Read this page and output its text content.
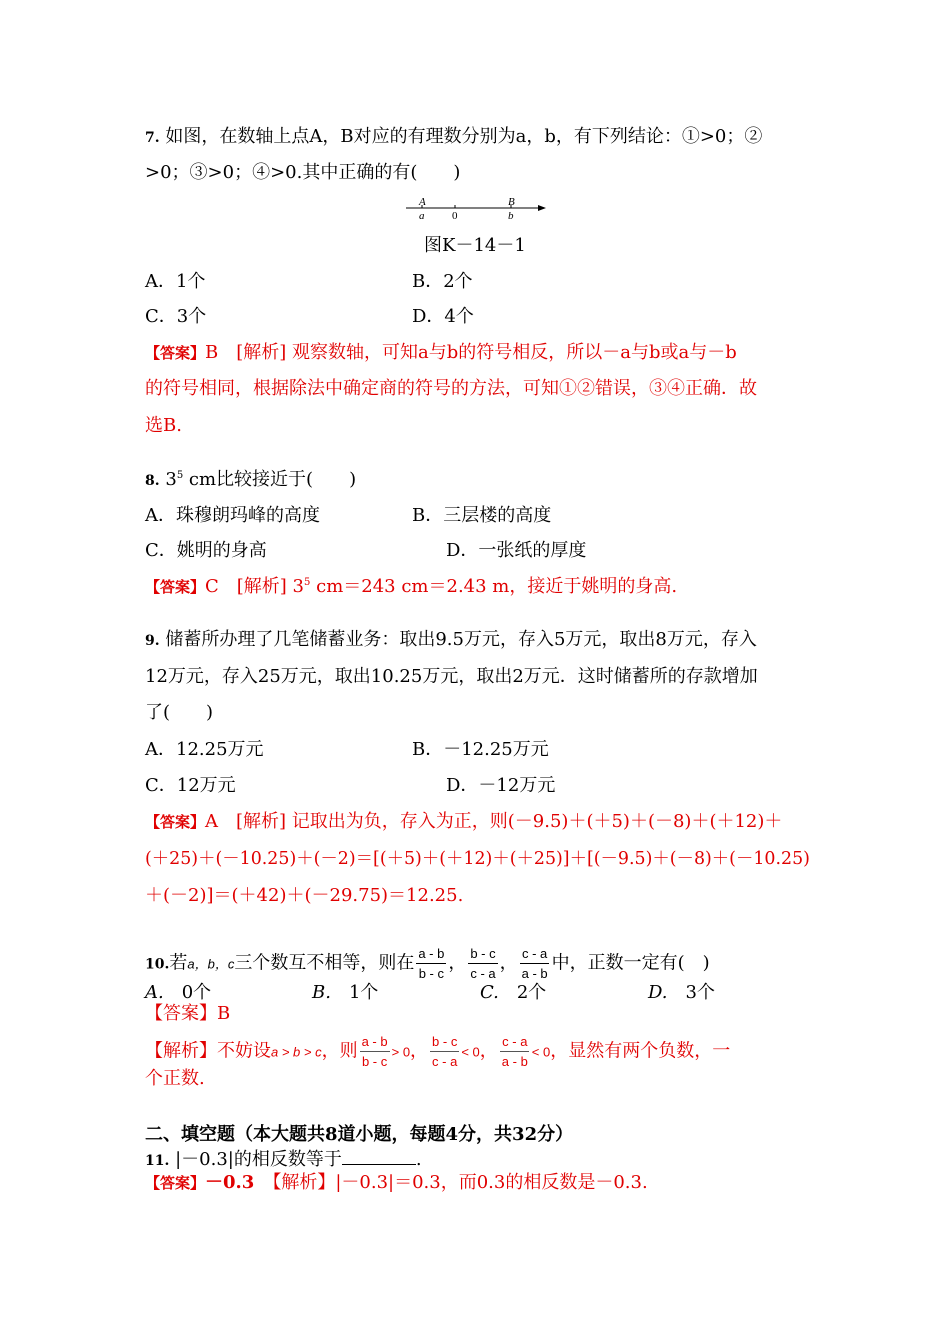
7. 如图，在数轴上点A，B对应的有理数分别为a，b，有下列结论：①>0；②
>0；③>0；④>0.其中正确的有(　　)
A	B
a	0	b
图K－14－1
A．1个	B．2个
C．3个	D．4个
【答案】B　[解析] 观察数轴，可知a与b的符号相反，所以－a与b或a与－b
的符号相同，根据除法中确定商的符号的方法，可知①②错误，③④正确．故
选B.
8. $3^5$ cm比较接近于(　　)
A．珠穆朗玛峰的高度	B．三层楼的高度
C．姚明的身高	D．一张纸的厚度
【答案】C　[解析] $3^5$ cm＝243 cm＝2.43 m，接近于姚明的身高.
9. 储蓄所办理了几笔储蓄业务：取出9.5万元，存入5万元，取出8万元，存入
12万元，存入25万元，取出10.25万元，取出2万元．这时储蓄所的存款增加
了(　　)
A．12.25万元	B．－12.25万元
C．12万元	D．－12万元
【答案】A　[解析] 记取出为负，存入为正，则(－9.5)＋(＋5)＋(－8)＋(＋12)＋
(＋25)＋(－10.25)＋(－2)＝[(＋5)＋(＋12)＋(＋25)]＋[(－9.5)＋(－8)＋(－10.25)
＋(－2)]＝(＋42)＋(－29.75)＝12.25.
10.若a，b，c三个数互不相等，则在 $\frac{a - b}{b - c}$ ， $\frac{b - c}{c - a}$ ， $\frac{c - a}{a - b}$ 中，正数一定有(　)
A.　 0个	B.　 1个	C.　 2个	D.　 3个
【答案】B
【解析】不妨设a > b > c，则 $\frac{a - b}{b - c} > 0$， $\frac{b - c}{c - a} < 0$， $\frac{c - a}{a - b} < 0$，显然有两个负数，一
个正数.
二、填空题（本大题共8道小题，每题4分，共32分）
11. |－0.3|的相反数等于	.
【答案】－0.3　 【解析】|－0.3|＝0.3，而0.3的相反数是－0.3.
